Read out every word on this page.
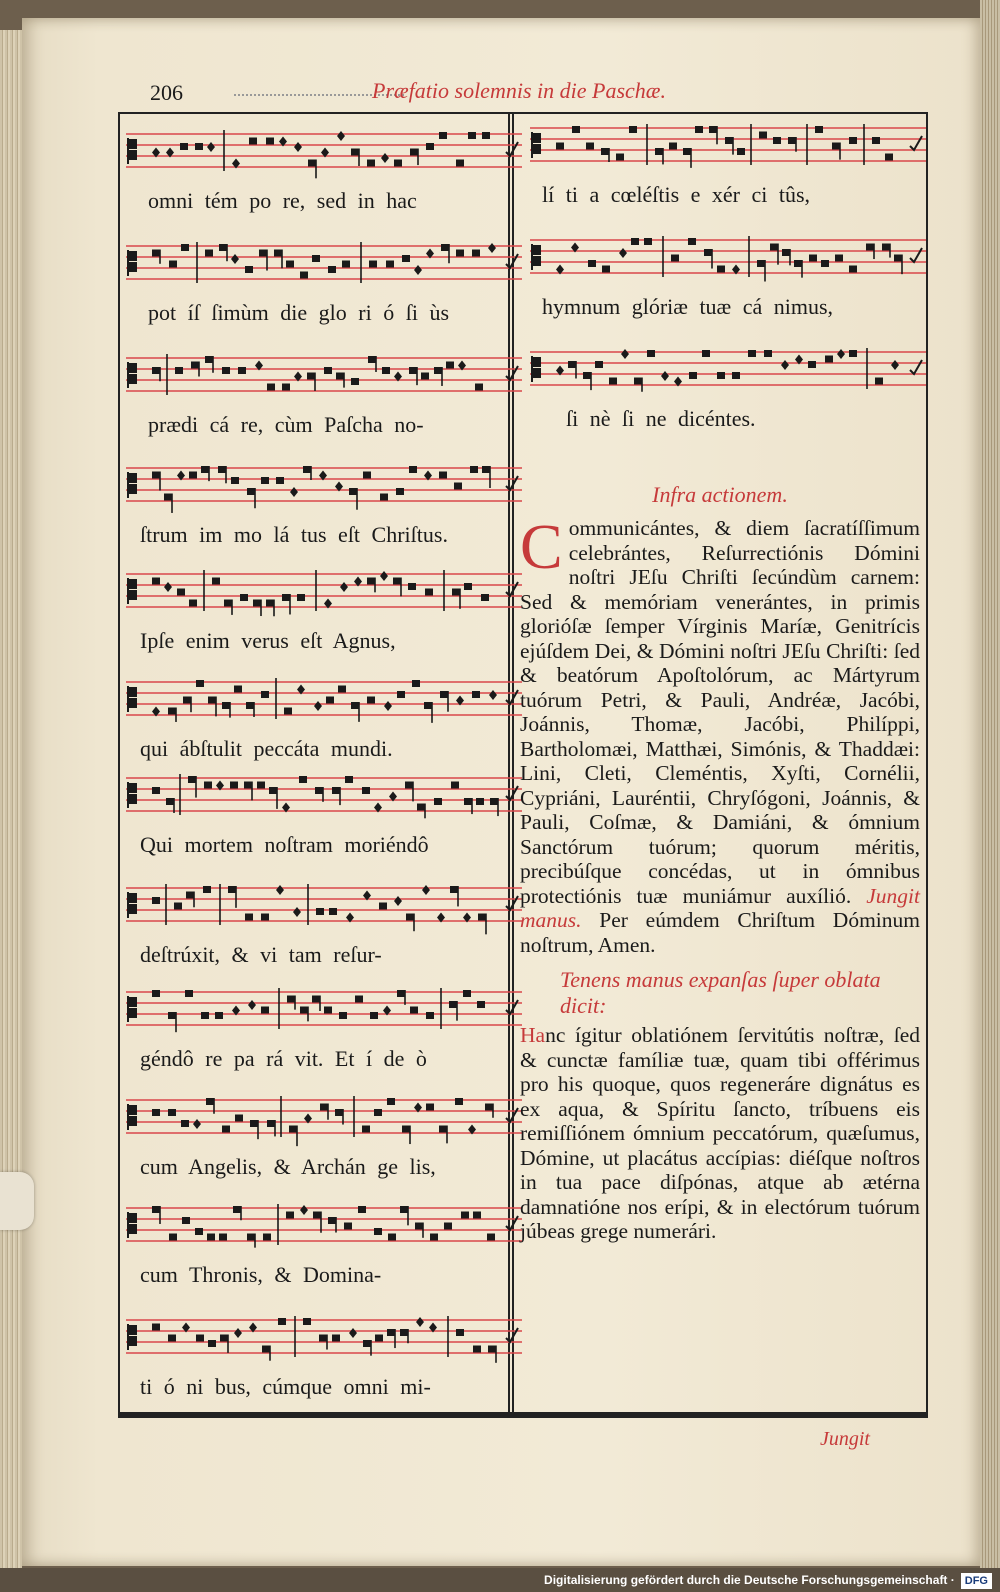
206	Præfatio solemnis in die Paschæ.
omni tém po re, sed in hac
pot íſ ſimùm die glo ri ó ſi ùs
prædi cá re, cùm Paſcha no-
ſtrum im mo lá tus eſt Chriſtus.
Ipſe enim verus eſt Agnus,
qui ábſtulit peccáta mundi.
Qui mortem noſtram moriéndô
deſtrúxit, & vi tam reſur-
géndô re pa rá vit. Et í de ò
cum Angelis, & Archán ge lis,
cum Thronis, & Domina-
ti ó ni bus, cúmque omni mi-
lí ti a cœléſtis e xér ci tûs,
hymnum glóriæ tuæ cá nimus,
ſi nè ſi ne dicéntes.
Infra actionem.
Communicántes, & diem ſacratíſſimum celebrántes, Reſurrectiónis Dómini noſtri JEſu Chriſti ſecúndùm carnem: Sed & memóriam venerántes, in primis glorióſæ ſemper Vírginis Maríæ, Genitrícis ejúſdem Dei, & Dómini noſtri JEſu Chriſti: ſed & beatórum Apoſtolórum, ac Mártyrum tuórum Petri, & Pauli, Andréæ, Jacóbi, Joánnis, Thomæ, Jacóbi, Philíppi, Bartholomæi, Matthæi, Simónis, & Thaddæi: Lini, Cleti, Cleméntis, Xyſti, Cornélii, Cypriáni, Lauréntii, Chryſógoni, Joánnis, & Pauli, Coſmæ, & Damiáni, & ómnium Sanctórum tuórum; quorum méritis, precibúſque concédas, ut in ómnibus protectiónis tuæ muniámur auxílió. Jungit manus. Per eúmdem Chriſtum Dóminum noſtrum, Amen.
Tenens manus expanſas ſuper oblata dicit:
Hanc ígitur oblatiónem ſervitútis noſtræ, ſed & cunctæ famíliæ tuæ, quam tibi offérimus pro his quoque, quos regeneráre dignátus es ex aqua, & Spíritu ſancto, tríbuens eis remiſſiónem ómnium peccatórum, quæſumus, Dómine, ut placátus accípias: diéſque noſtros in tua pace diſpónas, atque ab ætérna damnatióne nos erípi, & in electórum tuórum júbeas grege numerári.
Jungit
Digitalisierung gefördert durch die Deutsche Forschungsgemeinschaft · DFG
